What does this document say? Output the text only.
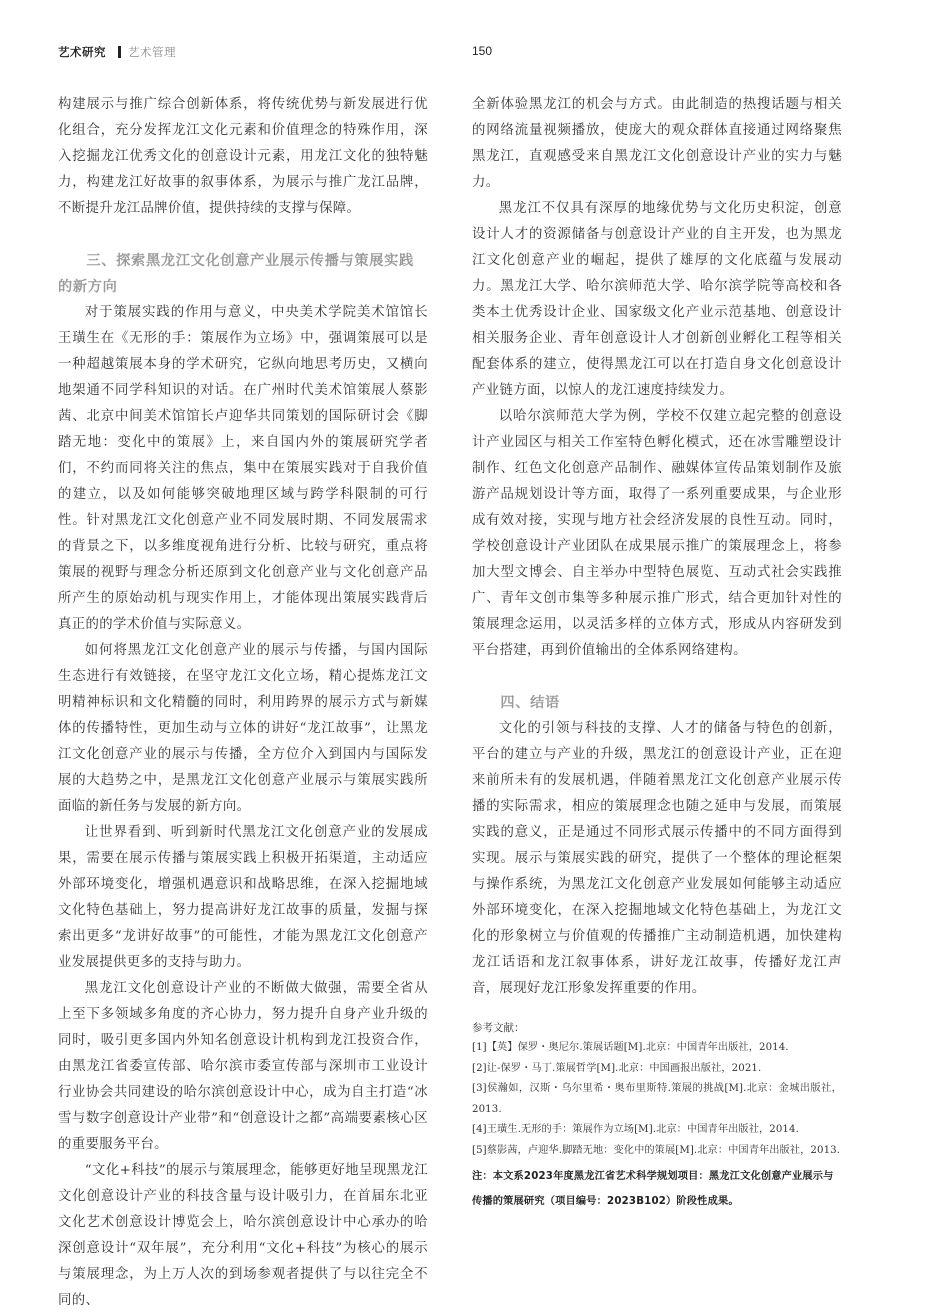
艺术研究 艺术管理	150

构建展示与推广综合创新体系，将传统优势与新发展进行优化组合，充分发挥龙江文化元素和价值理念的特殊作用，深入挖掘龙江优秀文化的创意设计元素，用龙江文化的独特魅力，构建龙江好故事的叙事体系，为展示与推广龙江品牌，不断提升龙江品牌价值，提供持续的支撑与保障。

三、探索黑龙江文化创意产业展示传播与策展实践的新方向

对于策展实践的作用与意义，中央美术学院美术馆馆长王璜生在《无形的手：策展作为立场》中，强调策展可以是一种超越策展本身的学术研究，它纵向地思考历史，又横向地架通不同学科知识的对话。在广州时代美术馆策展人蔡影茜、北京中间美术馆馆长卢迎华共同策划的国际研讨会《脚踏无地：变化中的策展》上，来自国内外的策展研究学者们，不约而同将关注的焦点，集中在策展实践对于自我价值的建立，以及如何能够突破地理区域与跨学科限制的可行性。针对黑龙江文化创意产业不同发展时期、不同发展需求的背景之下，以多维度视角进行分析、比较与研究，重点将策展的视野与理念分析还原到文化创意产业与文化创意产品所产生的原始动机与现实作用上，才能体现出策展实践背后真正的的学术价值与实际意义。

如何将黑龙江文化创意产业的展示与传播，与国内国际生态进行有效链接，在坚守龙江文化立场，精心提炼龙江文明精神标识和文化精髓的同时，利用跨界的展示方式与新媒体的传播特性，更加生动与立体的讲好“龙江故事”，让黑龙江文化创意产业的展示与传播，全方位介入到国内与国际发展的大趋势之中，是黑龙江文化创意产业展示与策展实践所面临的新任务与发展的新方向。

让世界看到、听到新时代黑龙江文化创意产业的发展成果，需要在展示传播与策展实践上积极开拓渠道，主动适应外部环境变化，增强机遇意识和战略思维，在深入挖掘地域文化特色基础上，努力提高讲好龙江故事的质量，发掘与探索出更多“龙讲好故事”的可能性，才能为黑龙江文化创意产业发展提供更多的支持与助力。

黑龙江文化创意设计产业的不断做大做强，需要全省从上至下多领域多角度的齐心协力，努力提升自身产业升级的同时，吸引更多国内外知名创意设计机构到龙江投资合作，由黑龙江省委宣传部、哈尔滨市委宣传部与深圳市工业设计行业协会共同建设的哈尔滨创意设计中心，成为自主打造“冰雪与数字创意设计产业带”和“创意设计之都”高端要素核心区的重要服务平台。

“文化+科技”的展示与策展理念，能够更好地呈现黑龙江文化创意设计产业的科技含量与设计吸引力，在首届东北亚文化艺术创意设计博览会上，哈尔滨创意设计中心承办的哈深创意设计“双年展”，充分利用“文化+科技”为核心的展示与策展理念，为上万人次的到场参观者提供了与以往完全不同的、

全新体验黑龙江的机会与方式。由此制造的热搜话题与相关的网络流量视频播放，使庞大的观众群体直接通过网络聚焦黑龙江，直观感受来自黑龙江文化创意设计产业的实力与魅力。

黑龙江不仅具有深厚的地缘优势与文化历史积淀，创意设计人才的资源储备与创意设计产业的自主开发，也为黑龙江文化创意产业的崛起，提供了雄厚的文化底蕴与发展动力。黑龙江大学、哈尔滨师范大学、哈尔滨学院等高校和各类本土优秀设计企业、国家级文化产业示范基地、创意设计相关服务企业、青年创意设计人才创新创业孵化工程等相关配套体系的建立，使得黑龙江可以在打造自身文化创意设计产业链方面，以惊人的龙江速度持续发力。

以哈尔滨师范大学为例，学校不仅建立起完整的创意设计产业园区与相关工作室特色孵化模式，还在冰雪雕塑设计制作、红色文化创意产品制作、融媒体宣传品策划制作及旅游产品规划设计等方面，取得了一系列重要成果，与企业形成有效对接，实现与地方社会经济发展的良性互动。同时，学校创意设计产业团队在成果展示推广的策展理念上，将参加大型文博会、自主举办中型特色展览、互动式社会实践推广、青年文创市集等多种展示推广形式，结合更加针对性的策展理念运用，以灵活多样的立体方式，形成从内容研发到平台搭建，再到价值输出的全体系网络建构。

四、结语

文化的引领与科技的支撑、人才的储备与特色的创新，平台的建立与产业的升级，黑龙江的创意设计产业，正在迎来前所未有的发展机遇，伴随着黑龙江文化创意产业展示传播的实际需求，相应的策展理念也随之延申与发展，而策展实践的意义，正是通过不同形式展示传播中的不同方面得到实现。展示与策展实践的研究，提供了一个整体的理论框架与操作系统，为黑龙江文化创意产业发展如何能够主动适应外部环境变化，在深入挖掘地域文化特色基础上，为龙江文化的形象树立与价值观的传播推广主动制造机遇，加快建构龙江话语和龙江叙事体系，讲好龙江故事，传播好龙江声音，展现好龙江形象发挥重要的作用。

参考文献：

[1]【英】保罗・奥尼尔.策展话题[M].北京：中国青年出版社，2014.

[2]让-保罗・马丁.策展哲学[M].北京：中国画报出版社，2021.

[3]侯瀚如，汉斯・乌尔里希・奥布里斯特.策展的挑战[M].北京：金城出版社，2013.

[4]王璜生.无形的手：策展作为立场[M].北京：中国青年出版社，2014.

[5]蔡影茜，卢迎华.脚踏无地：变化中的策展[M].北京：中国青年出版社，2013.

注：本文系2023年度黑龙江省艺术科学规划项目：黑龙江文化创意产业展示与传播的策展研究（项目编号：2023B102）阶段性成果。
